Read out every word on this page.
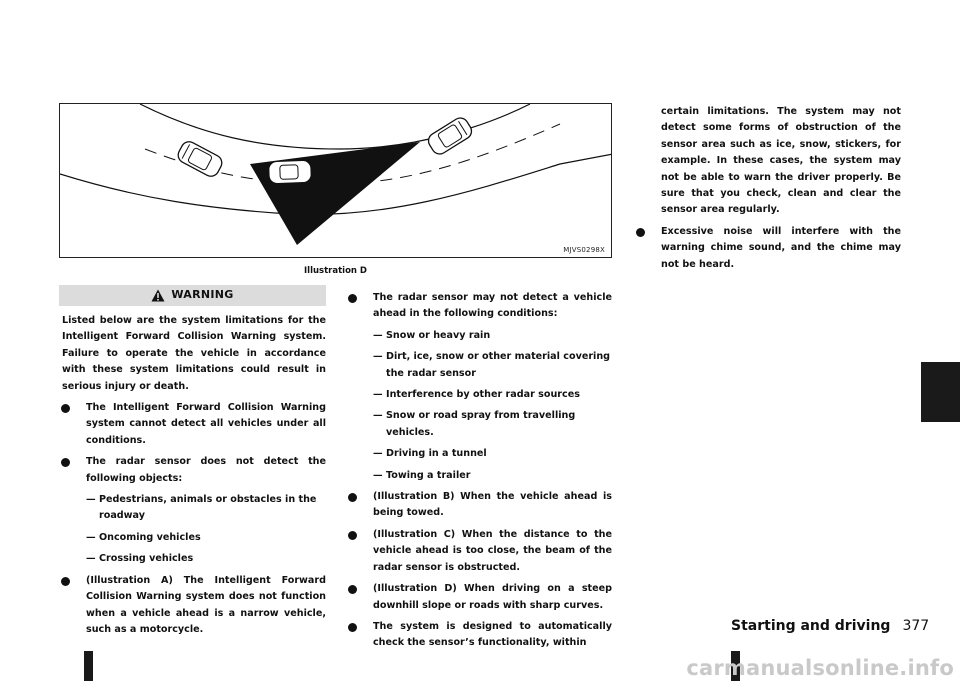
MJVS0298X
Illustration D
WARNING
Listed below are the system limitations for the Intelligent Forward Collision Warning system. Failure to operate the vehicle in accordance with these system limitations could result in serious injury or death.
The Intelligent Forward Collision Warning system cannot detect all vehicles under all conditions.
The radar sensor does not detect the following objects:
— Pedestrians, animals or obstacles in the roadway
— Oncoming vehicles
— Crossing vehicles
(Illustration A) The Intelligent Forward Collision Warning system does not function when a vehicle ahead is a narrow vehicle, such as a motorcycle.
The radar sensor may not detect a vehicle ahead in the following conditions:
— Snow or heavy rain
— Dirt, ice, snow or other material covering the radar sensor
— Interference by other radar sources
— Snow or road spray from travelling vehicles.
— Driving in a tunnel
— Towing a trailer
(Illustration B) When the vehicle ahead is being towed.
(Illustration C) When the distance to the vehicle ahead is too close, the beam of the radar sensor is obstructed.
(Illustration D) When driving on a steep downhill slope or roads with sharp curves.
The system is designed to automatically check the sensor’s functionality, within
certain limitations. The system may not detect some forms of obstruction of the sensor area such as ice, snow, stickers, for example. In these cases, the system may not be able to warn the driver properly. Be sure that you check, clean and clear the sensor area regularly.
Excessive noise will interfere with the warning chime sound, and the chime may not be heard.
Starting and driving 377
carmanualsonline.info
